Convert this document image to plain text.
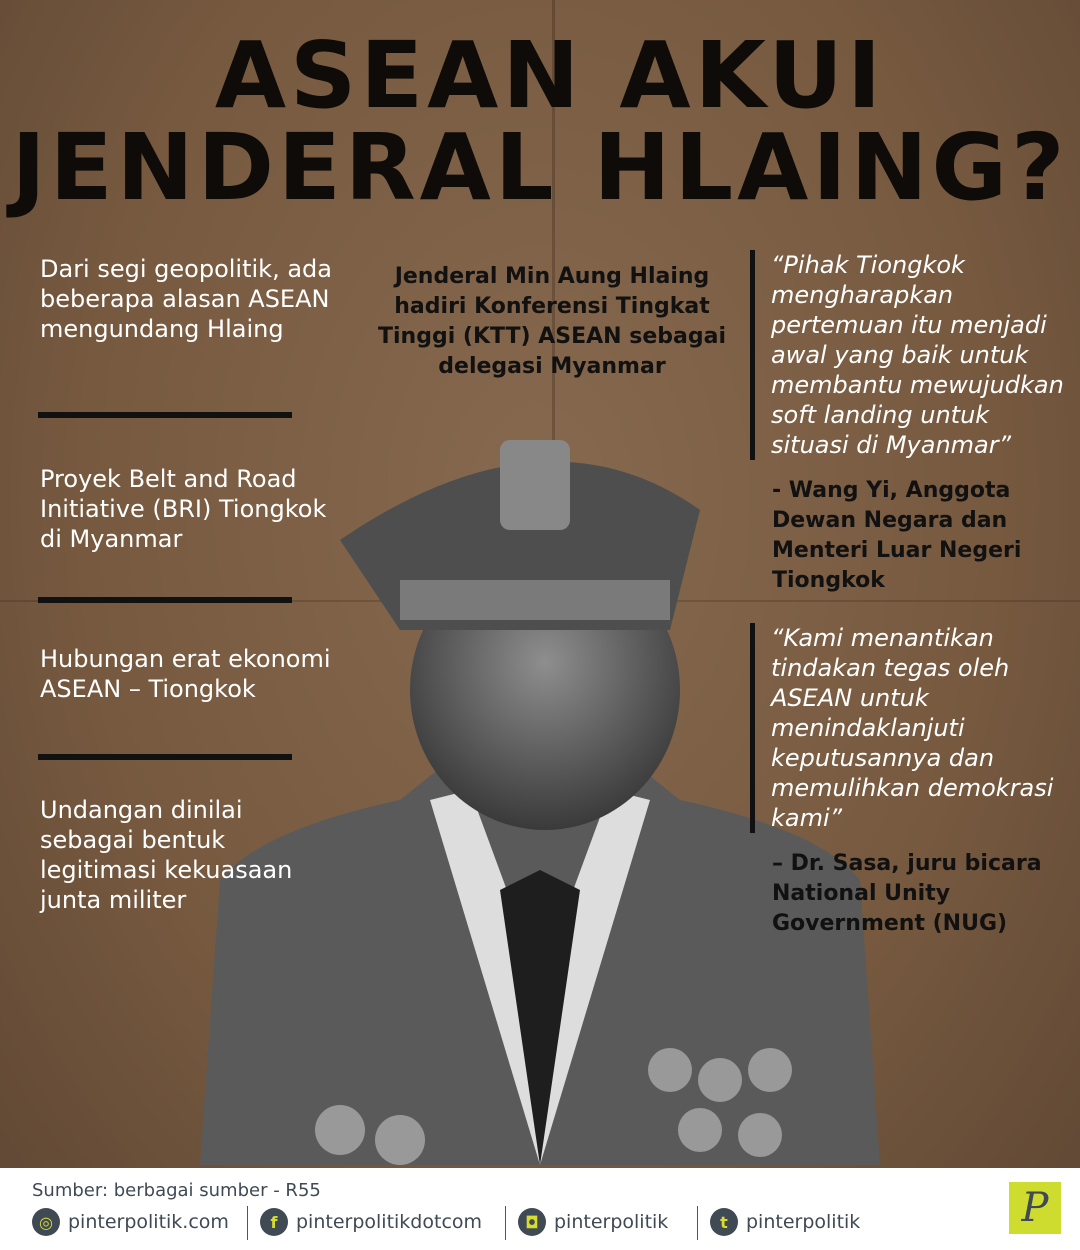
ASEAN AKUI
JENDERAL HLAING?
Dari segi geopolitik, ada beberapa alasan ASEAN mengundang Hlaing
Proyek Belt and Road Initiative (BRI) Tiongkok di Myanmar
Hubungan erat ekonomi ASEAN – Tiongkok
Undangan dinilai sebagai bentuk legitimasi kekuasaan junta militer
Jenderal Min Aung Hlaing hadiri Konferensi Tingkat Tinggi (KTT) ASEAN sebagai delegasi Myanmar
“Pihak Tiongkok mengharapkan pertemuan itu menjadi awal yang baik untuk membantu mewujudkan soft landing untuk situasi di Myanmar”
- Wang Yi, Anggota Dewan Negara dan Menteri Luar Negeri Tiongkok
“Kami menantikan tindakan tegas oleh ASEAN untuk menindaklanjuti keputusannya dan memulihkan demokrasi kami”
– Dr. Sasa, juru bicara National Unity Government (NUG)
Sumber: berbagai sumber - R55
◎ pinterpolitik.com	f pinterpolitikdotcom	◘ pinterpolitik	t pinterpolitik	P
